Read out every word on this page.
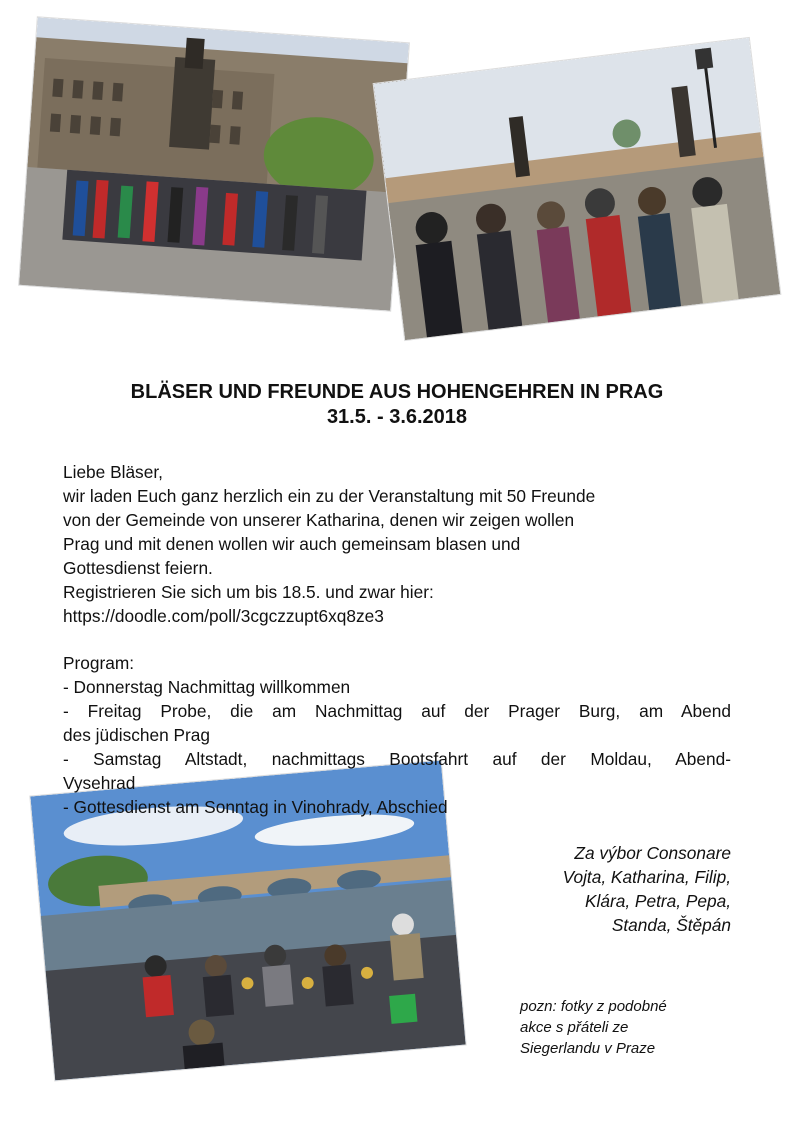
BLÄSER UND FREUNDE AUS HOHENGEHREN IN PRAG
31.5. - 3.6.2018
Liebe Bläser,
wir laden Euch ganz herzlich ein zu der Veranstaltung mit 50 Freunde
von der Gemeinde von unserer Katharina, denen wir zeigen wollen
Prag und mit denen wollen wir auch gemeinsam blasen und
Gottesdienst feiern.
Registrieren Sie sich um bis 18.5. und zwar hier:
https://doodle.com/poll/3cgczzupt6xq8ze3
Program:
- Donnerstag Nachmittag willkommen
- Freitag Probe, die am Nachmittag auf der Prager Burg, am Abend
des jüdischen Prag
- Samstag Altstadt, nachmittags Bootsfahrt auf der Moldau, Abend-
Vysehrad
- Gottesdienst am Sonntag in Vinohrady, Abschied
Za výbor Consonare
Vojta, Katharina, Filip,
Klára, Petra, Pepa,
Standa, Štěpán
pozn: fotky z podobné
akce s přáteli ze
Siegerlandu v Praze
